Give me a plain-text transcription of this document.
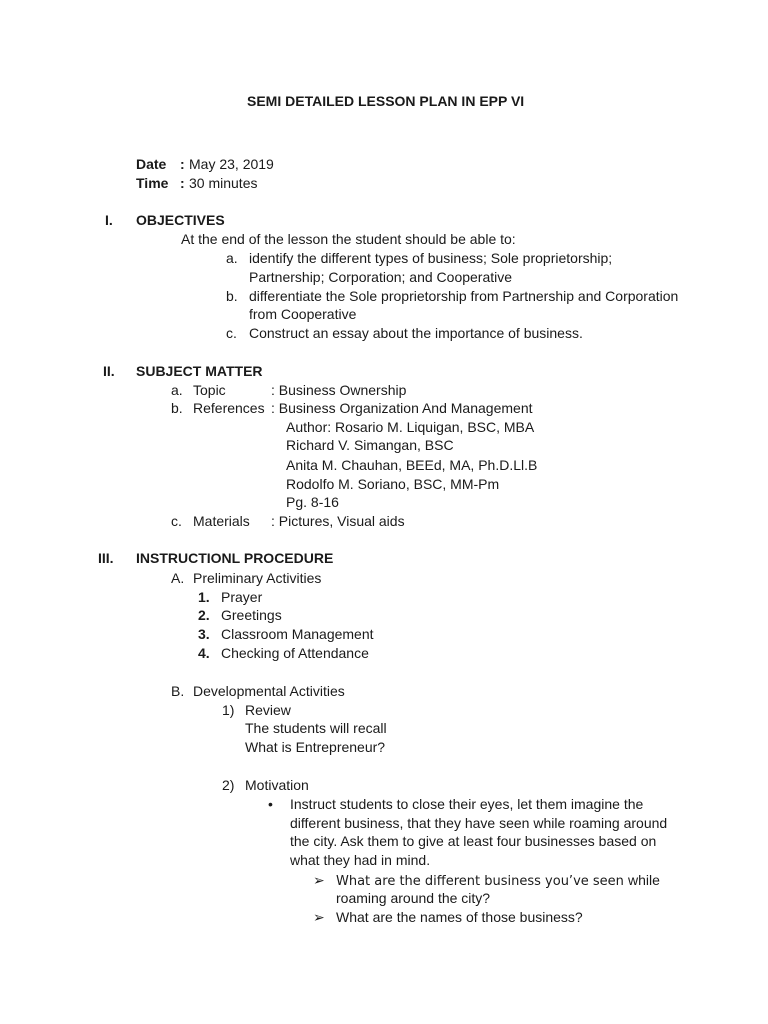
SEMI DETAILED LESSON PLAN IN EPP VI
Date : May 23, 2019
Time : 30 minutes
I. OBJECTIVES
At the end of the lesson the student should be able to:
a. identify the different types of business; Sole proprietorship;
Partnership; Corporation; and Cooperative
b. differentiate the Sole proprietorship from Partnership and Corporation
from Cooperative
c. Construct an essay about the importance of business.
II. SUBJECT MATTER
a. Topic	: Business Ownership
b. References : Business Organization And Management
Author: Rosario M. Liquigan, BSC, MBA
Richard V. Simangan, BSC
Anita M. Chauhan, BEEd, MA, Ph.D.Ll.B
Rodolfo M. Soriano, BSC, MM-Pm
Pg. 8-16
c. Materials : Pictures, Visual aids
III. INSTRUCTIONL PROCEDURE
A. Preliminary Activities
1. Prayer
2. Greetings
3. Classroom Management
4. Checking of Attendance
B. Developmental Activities
1) Review
The students will recall
What is Entrepreneur?
2) Motivation
• Instruct students to close their eyes, let them imagine the
different business, that they have seen while roaming around
the city. Ask them to give at least four businesses based on
what they had in mind.
➢ What are the different business you’ve seen while
roaming around the city?
➢ What are the names of those business?
